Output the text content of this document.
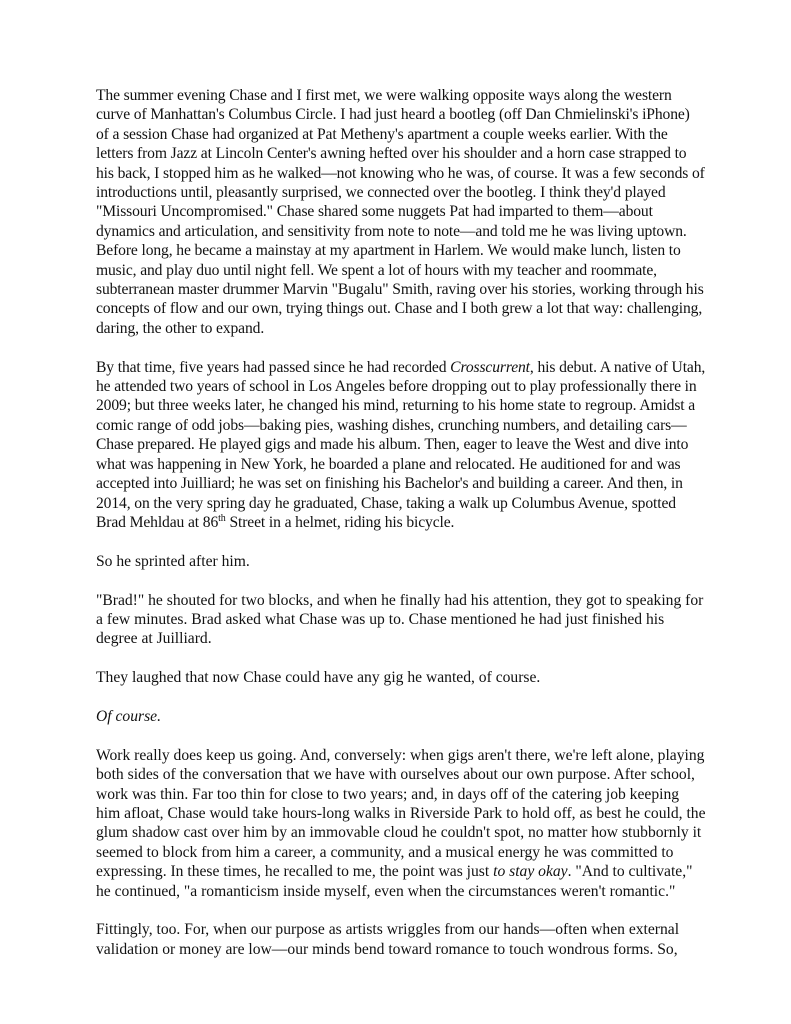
The summer evening Chase and I first met, we were walking opposite ways along the western curve of Manhattan's Columbus Circle. I had just heard a bootleg (off Dan Chmielinski's iPhone) of a session Chase had organized at Pat Metheny's apartment a couple weeks earlier. With the letters from Jazz at Lincoln Center's awning hefted over his shoulder and a horn case strapped to his back, I stopped him as he walked—not knowing who he was, of course. It was a few seconds of introductions until, pleasantly surprised, we connected over the bootleg. I think they'd played "Missouri Uncompromised." Chase shared some nuggets Pat had imparted to them—about dynamics and articulation, and sensitivity from note to note—and told me he was living uptown. Before long, he became a mainstay at my apartment in Harlem. We would make lunch, listen to music, and play duo until night fell. We spent a lot of hours with my teacher and roommate, subterranean master drummer Marvin "Bugalu" Smith, raving over his stories, working through his concepts of flow and our own, trying things out. Chase and I both grew a lot that way: challenging, daring, the other to expand.

By that time, five years had passed since he had recorded Crosscurrent, his debut. A native of Utah, he attended two years of school in Los Angeles before dropping out to play professionally there in 2009; but three weeks later, he changed his mind, returning to his home state to regroup. Amidst a comic range of odd jobs—baking pies, washing dishes, crunching numbers, and detailing cars—Chase prepared. He played gigs and made his album. Then, eager to leave the West and dive into what was happening in New York, he boarded a plane and relocated. He auditioned for and was accepted into Juilliard; he was set on finishing his Bachelor's and building a career. And then, in 2014, on the very spring day he graduated, Chase, taking a walk up Columbus Avenue, spotted Brad Mehldau at 86th Street in a helmet, riding his bicycle.

So he sprinted after him.

"Brad!" he shouted for two blocks, and when he finally had his attention, they got to speaking for a few minutes. Brad asked what Chase was up to. Chase mentioned he had just finished his degree at Juilliard.

They laughed that now Chase could have any gig he wanted, of course.

Of course.

Work really does keep us going. And, conversely: when gigs aren't there, we're left alone, playing both sides of the conversation that we have with ourselves about our own purpose. After school, work was thin. Far too thin for close to two years; and, in days off of the catering job keeping him afloat, Chase would take hours-long walks in Riverside Park to hold off, as best he could, the glum shadow cast over him by an immovable cloud he couldn't spot, no matter how stubbornly it seemed to block from him a career, a community, and a musical energy he was committed to expressing. In these times, he recalled to me, the point was just to stay okay. "And to cultivate," he continued, "a romanticism inside myself, even when the circumstances weren't romantic."

Fittingly, too. For, when our purpose as artists wriggles from our hands—often when external validation or money are low—our minds bend toward romance to touch wondrous forms. So,
